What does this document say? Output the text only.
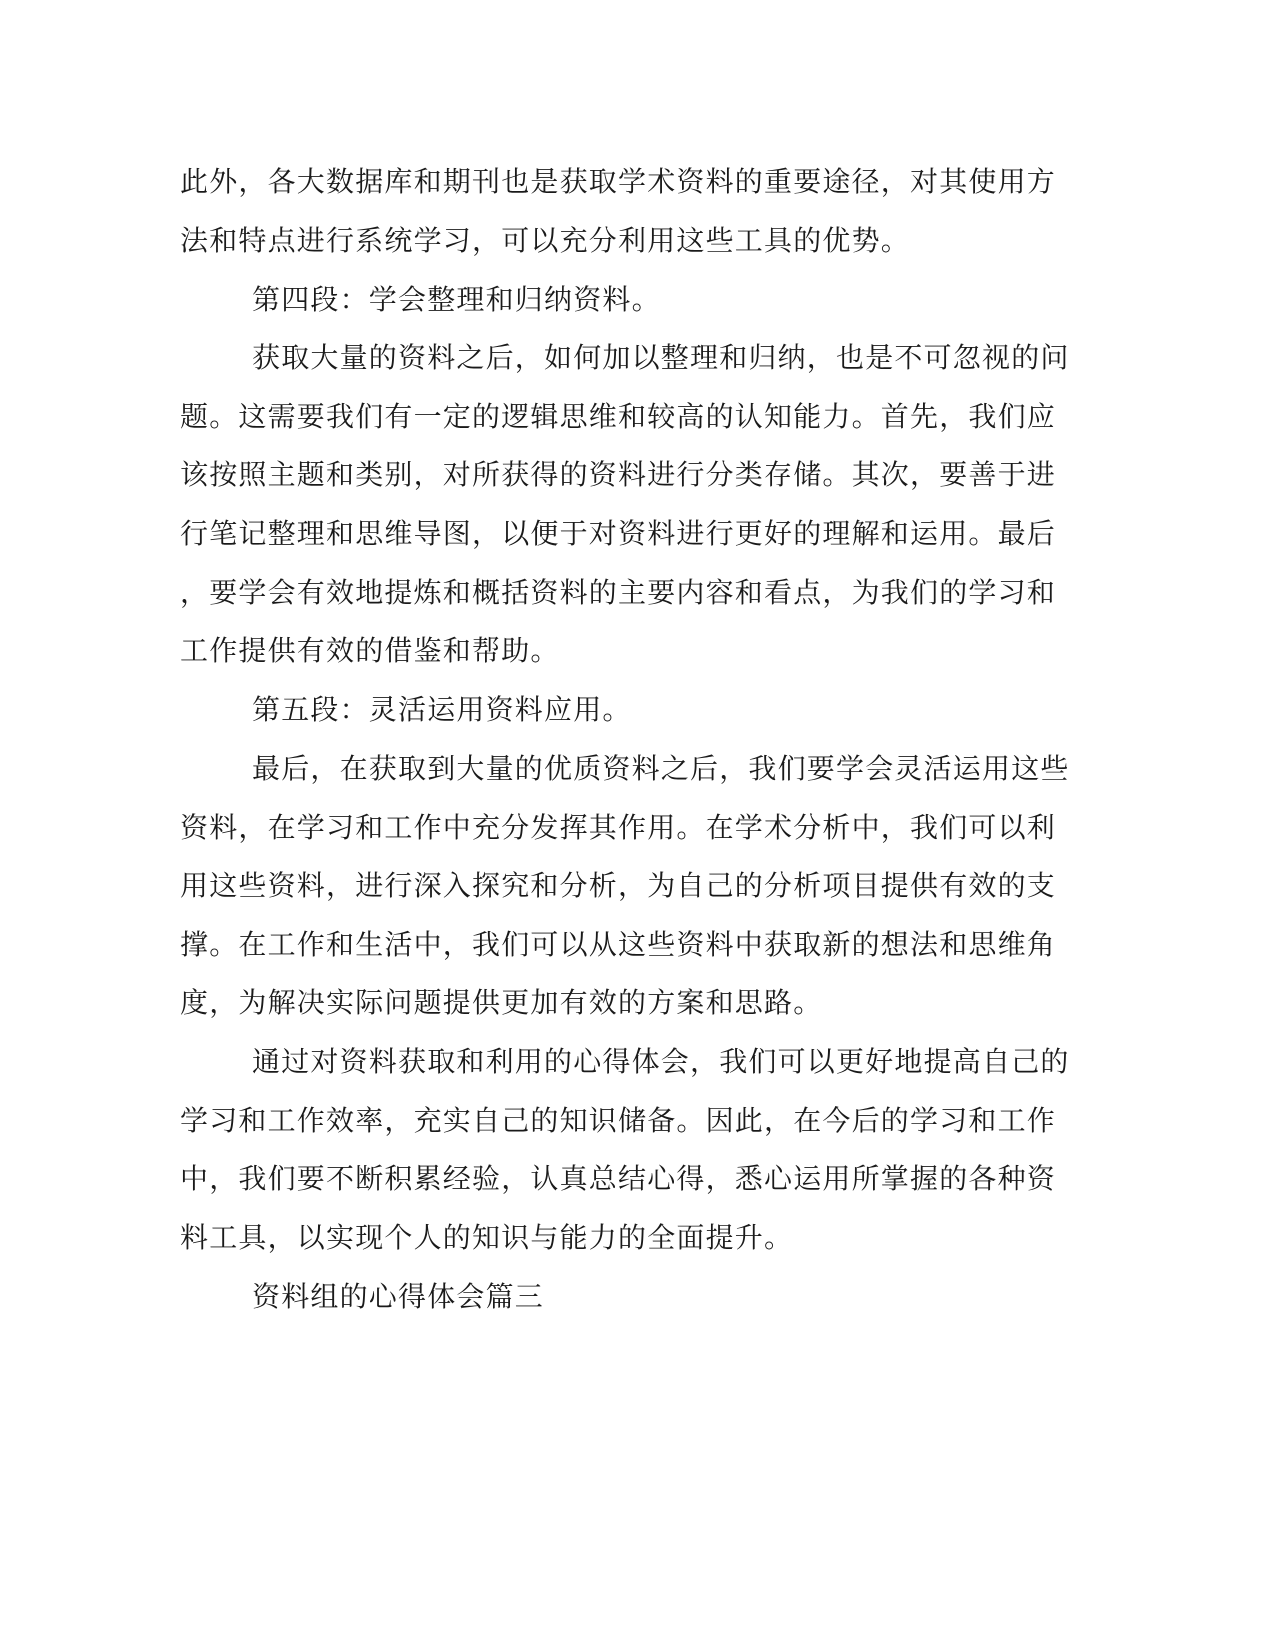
此外，各大数据库和期刊也是获取学术资料的重要途径，对其使用方
法和特点进行系统学习，可以充分利用这些工具的优势。
第四段：学会整理和归纳资料。
获取大量的资料之后，如何加以整理和归纳，也是不可忽视的问
题。这需要我们有一定的逻辑思维和较高的认知能力。首先，我们应
该按照主题和类别，对所获得的资料进行分类存储。其次，要善于进
行笔记整理和思维导图，以便于对资料进行更好的理解和运用。最后
，要学会有效地提炼和概括资料的主要内容和看点，为我们的学习和
工作提供有效的借鉴和帮助。
第五段：灵活运用资料应用。
最后，在获取到大量的优质资料之后，我们要学会灵活运用这些
资料，在学习和工作中充分发挥其作用。在学术分析中，我们可以利
用这些资料，进行深入探究和分析，为自己的分析项目提供有效的支
撑。在工作和生活中，我们可以从这些资料中获取新的想法和思维角
度，为解决实际问题提供更加有效的方案和思路。
通过对资料获取和利用的心得体会，我们可以更好地提高自己的
学习和工作效率，充实自己的知识储备。因此，在今后的学习和工作
中，我们要不断积累经验，认真总结心得，悉心运用所掌握的各种资
料工具，以实现个人的知识与能力的全面提升。
资料组的心得体会篇三
